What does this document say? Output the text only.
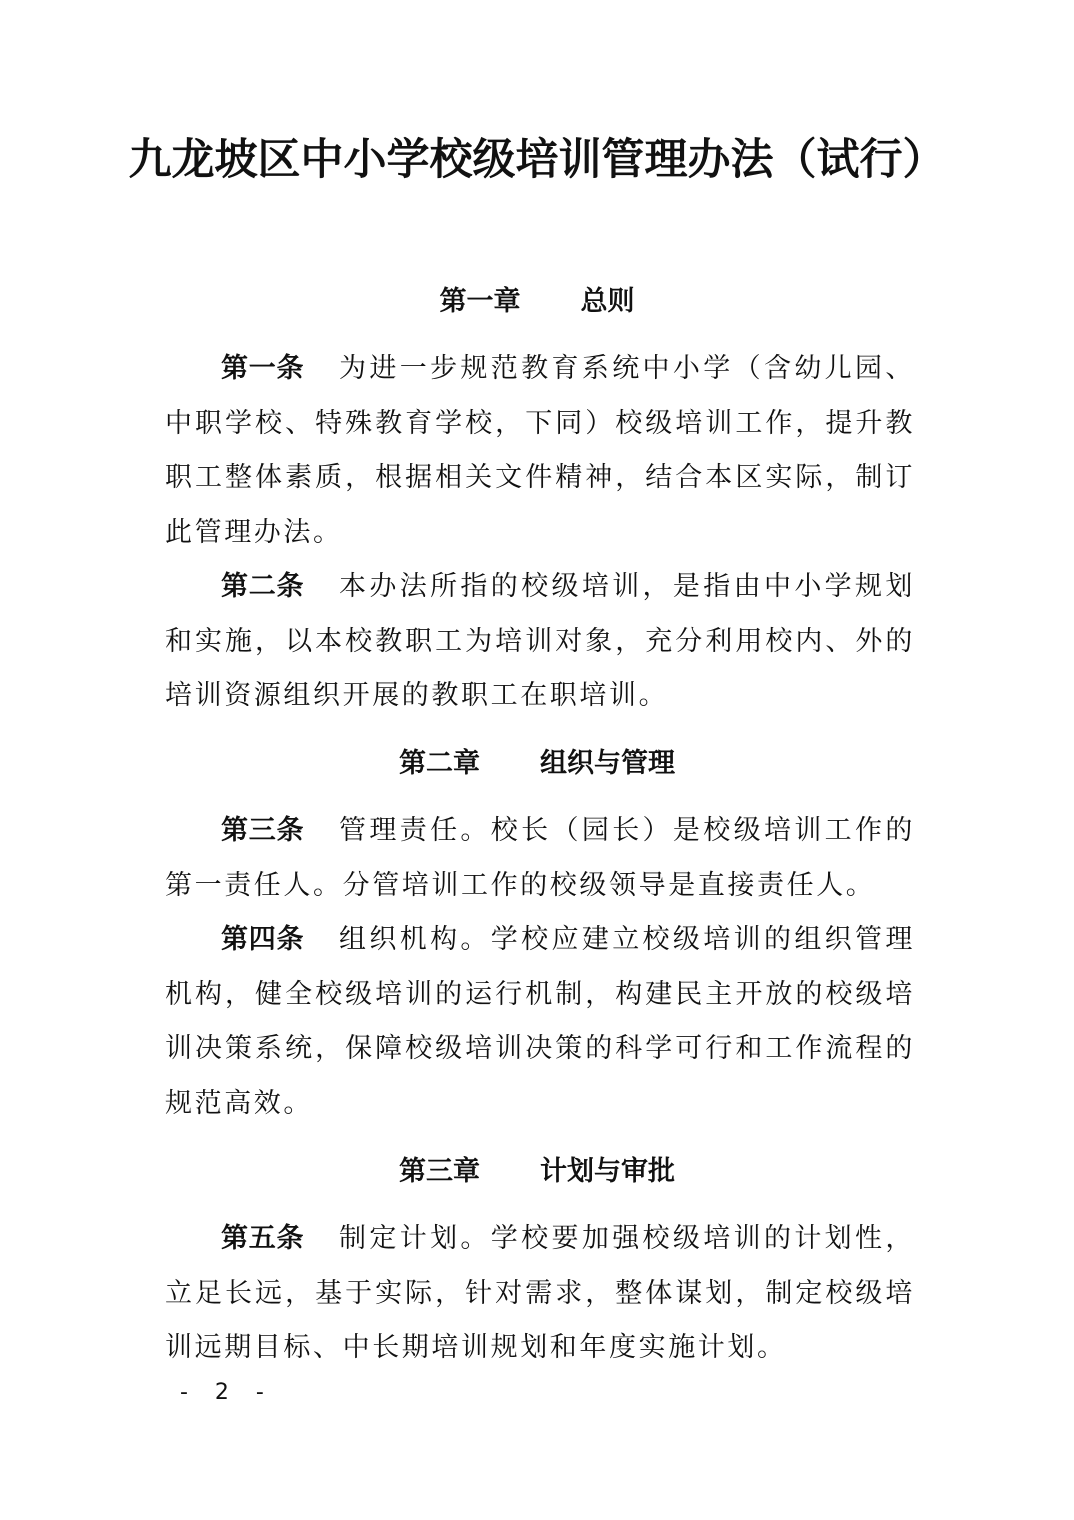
九龙坡区中小学校级培训管理办法（试行）
第一章 总则

第一条 为进一步规范教育系统中小学（含幼儿园、中职学校、特殊教育学校，下同）校级培训工作，提升教职工整体素质，根据相关文件精神，结合本区实际，制订此管理办法。

第二条 本办法所指的校级培训，是指由中小学规划和实施，以本校教职工为培训对象，充分利用校内、外的培训资源组织开展的教职工在职培训。

第二章 组织与管理

第三条 管理责任。校长（园长）是校级培训工作的第一责任人。分管培训工作的校级领导是直接责任人。

第四条 组织机构。学校应建立校级培训的组织管理机构，健全校级培训的运行机制，构建民主开放的校级培训决策系统，保障校级培训决策的科学可行和工作流程的规范高效。

第三章 计划与审批

第五条 制定计划。学校要加强校级培训的计划性，立足长远，基于实际，针对需求，整体谋划，制定校级培训远期目标、中长期培训规划和年度实施计划。

- 2 -
